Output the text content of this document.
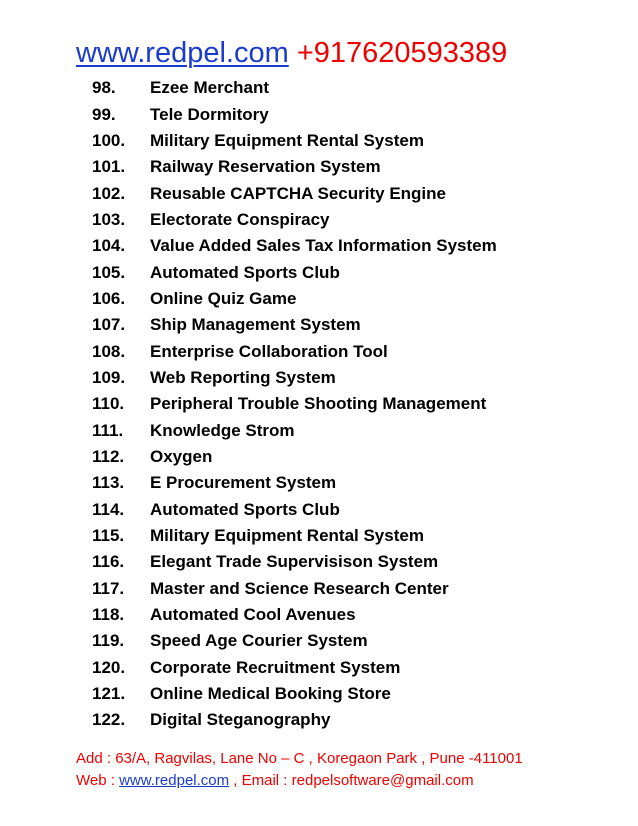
www.redpel.com +917620593389
98.	Ezee Merchant
99.	Tele Dormitory
100.	Military Equipment Rental System
101.	Railway Reservation System
102.	Reusable CAPTCHA Security Engine
103.	Electorate Conspiracy
104.	Value Added Sales Tax Information System
105.	Automated Sports Club
106.	Online Quiz Game
107.	Ship Management System
108.	Enterprise Collaboration Tool
109.	Web Reporting System
110.	Peripheral Trouble Shooting Management
111.	Knowledge Strom
112.	Oxygen
113.	E Procurement System
114.	Automated Sports Club
115.	Military Equipment Rental System
116.	Elegant Trade Supervisison System
117.	Master and Science Research Center
118.	Automated Cool Avenues
119.	Speed Age Courier System
120.	Corporate Recruitment System
121.	Online Medical Booking Store
122.	Digital Steganography
Add : 63/A, Ragvilas, Lane No – C , Koregaon Park , Pune -411001
Web : www.redpel.com , Email : redpelsoftware@gmail.com
